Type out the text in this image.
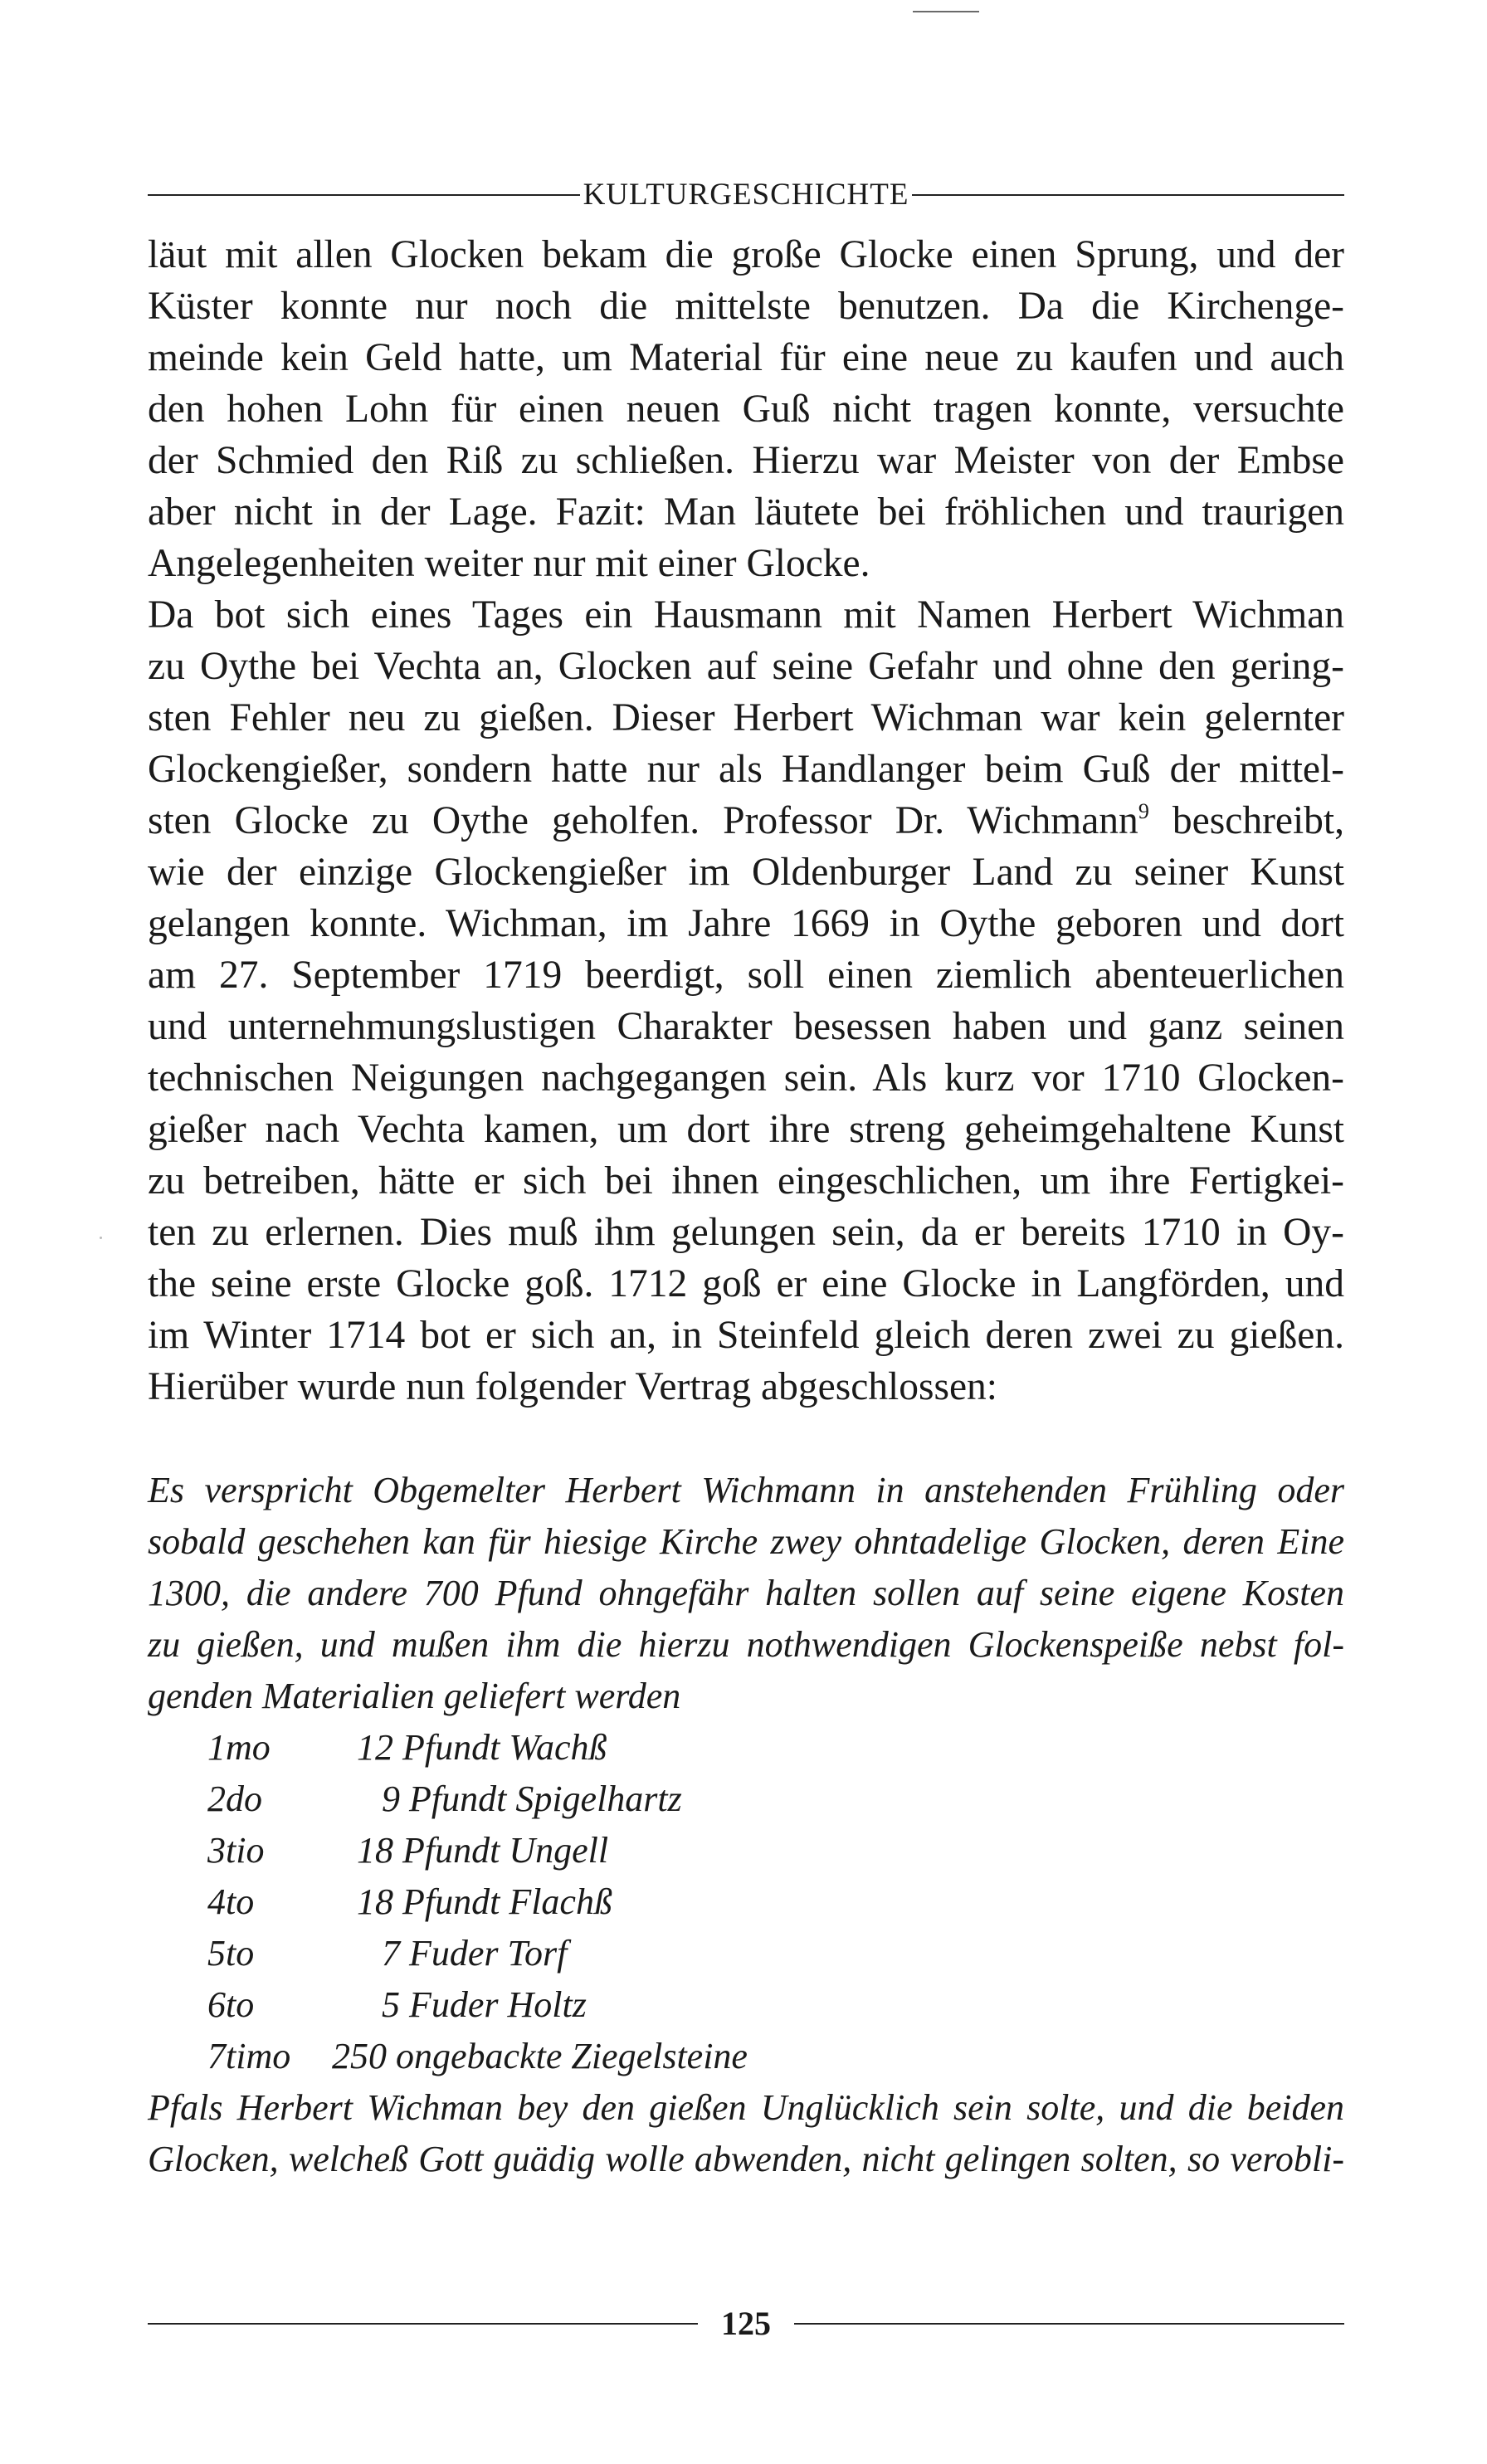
KULTURGESCHICHTE
läut mit allen Glocken bekam die große Glocke einen Sprung, und der
Küster konnte nur noch die mittelste benutzen. Da die Kirchenge-
meinde kein Geld hatte, um Material für eine neue zu kaufen und auch
den hohen Lohn für einen neuen Guß nicht tragen konnte, versuchte
der Schmied den Riß zu schließen. Hierzu war Meister von der Embse
aber nicht in der Lage. Fazit: Man läutete bei fröhlichen und traurigen
Angelegenheiten weiter nur mit einer Glocke.
Da bot sich eines Tages ein Hausmann mit Namen Herbert Wichman
zu Oythe bei Vechta an, Glocken auf seine Gefahr und ohne den gering-
sten Fehler neu zu gießen. Dieser Herbert Wichman war kein gelernter
Glockengießer, sondern hatte nur als Handlanger beim Guß der mittel-
sten Glocke zu Oythe geholfen. Professor Dr. Wichmann$^9$ beschreibt,
wie der einzige Glockengießer im Oldenburger Land zu seiner Kunst
gelangen konnte. Wichman, im Jahre 1669 in Oythe geboren und dort
am 27. September 1719 beerdigt, soll einen ziemlich abenteuerlichen
und unternehmungslustigen Charakter besessen haben und ganz seinen
technischen Neigungen nachgegangen sein. Als kurz vor 1710 Glocken-
gießer nach Vechta kamen, um dort ihre streng geheimgehaltene Kunst
zu betreiben, hätte er sich bei ihnen eingeschlichen, um ihre Fertigkei-
ten zu erlernen. Dies muß ihm gelungen sein, da er bereits 1710 in Oy-
the seine erste Glocke goß. 1712 goß er eine Glocke in Langförden, und
im Winter 1714 bot er sich an, in Steinfeld gleich deren zwei zu gießen.
Hierüber wurde nun folgender Vertrag abgeschlossen:
Es verspricht Obgemelter Herbert Wichmann in anstehenden Frühling oder
sobald geschehen kan für hiesige Kirche zwey ohntadelige Glocken, deren Eine
1300, die andere 700 Pfund ohngefähr halten sollen auf seine eigene Kosten
zu gießen, und mußen ihm die hierzu nothwendigen Glockenspeiße nebst fol-
genden Materialien geliefert werden
1mo 12 Pfundt Wachß
2do	9 Pfundt Spigelhartz
3tio	18 Pfundt Ungell
4to	18 Pfundt Flachß
5to	7 Fuder Torf
6to	5 Fuder Holtz
7timo 250 ongebackte Ziegelsteine
Pfals Herbert Wichman bey den gießen Unglücklich sein solte, und die beiden
Glocken, welcheß Gott guädig wolle abwenden, nicht gelingen solten, so verobli-
125
